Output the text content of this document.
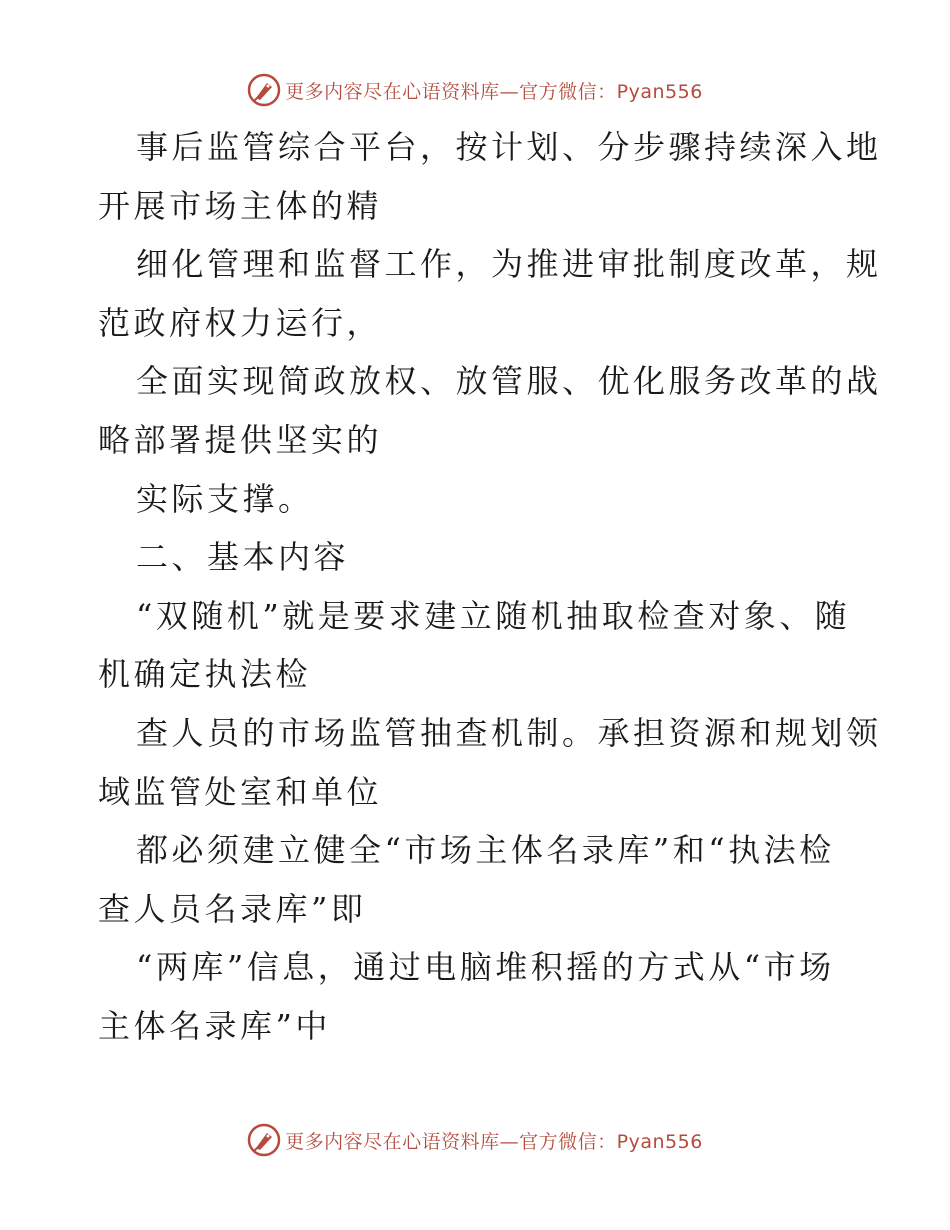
更多内容尽在心语资料库—官方微信：Pyan556
事后监管综合平台，按计划、分步骤持续深入地
开展市场主体的精
细化管理和监督工作，为推进审批制度改革，规
范政府权力运行，
全面实现简政放权、放管服、优化服务改革的战
略部署提供坚实的
实际支撑。
二、基本内容
“双随机”就是要求建立随机抽取检查对象、随
机确定执法检
查人员的市场监管抽查机制。承担资源和规划领
域监管处室和单位
都必须建立健全“市场主体名录库”和“执法检
查人员名录库”即
“两库”信息，通过电脑堆积摇的方式从“市场
主体名录库”中
更多内容尽在心语资料库—官方微信：Pyan556
